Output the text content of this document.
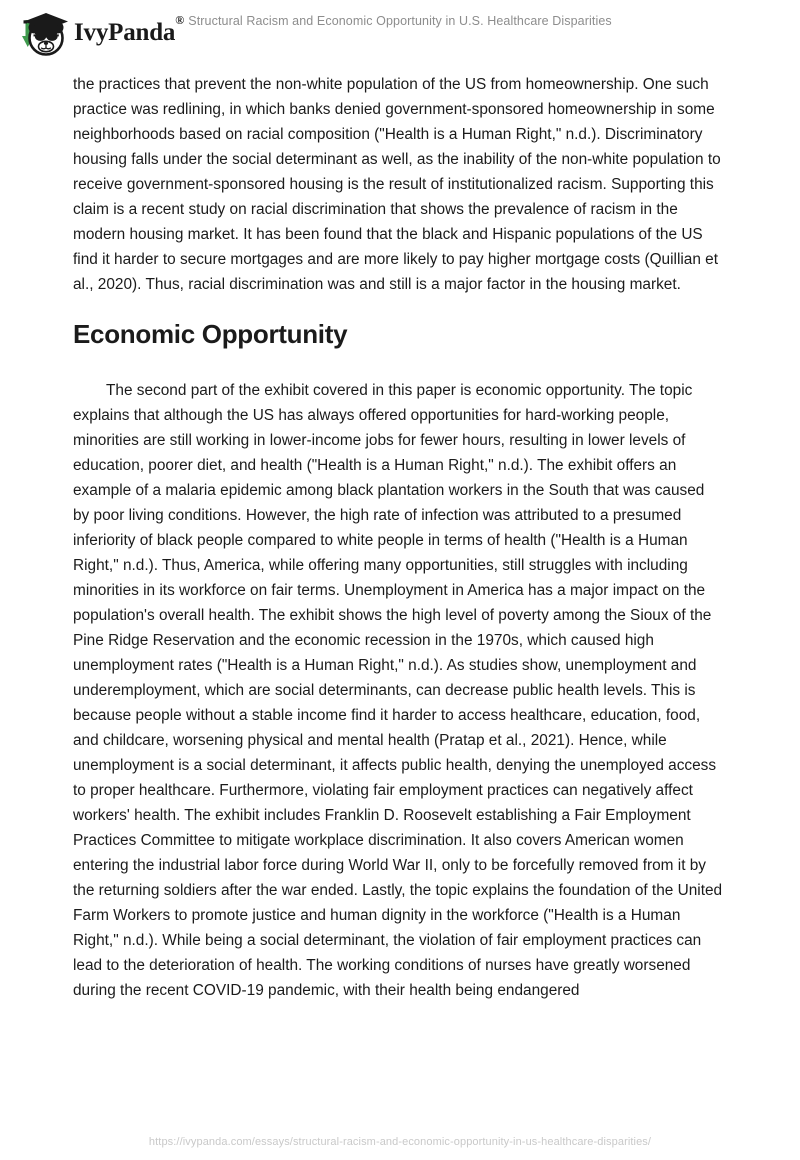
IvyPanda® Structural Racism and Economic Opportunity in U.S. Healthcare Disparities

the practices that prevent the non-white population of the US from homeownership. One such practice was redlining, in which banks denied government-sponsored homeownership in some neighborhoods based on racial composition ("Health is a Human Right," n.d.). Discriminatory housing falls under the social determinant as well, as the inability of the non-white population to receive government-sponsored housing is the result of institutionalized racism. Supporting this claim is a recent study on racial discrimination that shows the prevalence of racism in the modern housing market. It has been found that the black and Hispanic populations of the US find it harder to secure mortgages and are more likely to pay higher mortgage costs (Quillian et al., 2020). Thus, racial discrimination was and still is a major factor in the housing market.

Economic Opportunity

The second part of the exhibit covered in this paper is economic opportunity. The topic explains that although the US has always offered opportunities for hard-working people, minorities are still working in lower-income jobs for fewer hours, resulting in lower levels of education, poorer diet, and health ("Health is a Human Right," n.d.). The exhibit offers an example of a malaria epidemic among black plantation workers in the South that was caused by poor living conditions. However, the high rate of infection was attributed to a presumed inferiority of black people compared to white people in terms of health ("Health is a Human Right," n.d.). Thus, America, while offering many opportunities, still struggles with including minorities in its workforce on fair terms. Unemployment in America has a major impact on the population's overall health. The exhibit shows the high level of poverty among the Sioux of the Pine Ridge Reservation and the economic recession in the 1970s, which caused high unemployment rates ("Health is a Human Right," n.d.). As studies show, unemployment and underemployment, which are social determinants, can decrease public health levels. This is because people without a stable income find it harder to access healthcare, education, food, and childcare, worsening physical and mental health (Pratap et al., 2021). Hence, while unemployment is a social determinant, it affects public health, denying the unemployed access to proper healthcare. Furthermore, violating fair employment practices can negatively affect workers' health. The exhibit includes Franklin D. Roosevelt establishing a Fair Employment Practices Committee to mitigate workplace discrimination. It also covers American women entering the industrial labor force during World War II, only to be forcefully removed from it by the returning soldiers after the war ended. Lastly, the topic explains the foundation of the United Farm Workers to promote justice and human dignity in the workforce ("Health is a Human Right," n.d.). While being a social determinant, the violation of fair employment practices can lead to the deterioration of health. The working conditions of nurses have greatly worsened during the recent COVID-19 pandemic, with their health being endangered

https://ivypanda.com/essays/structural-racism-and-economic-opportunity-in-us-healthcare-disparities/
